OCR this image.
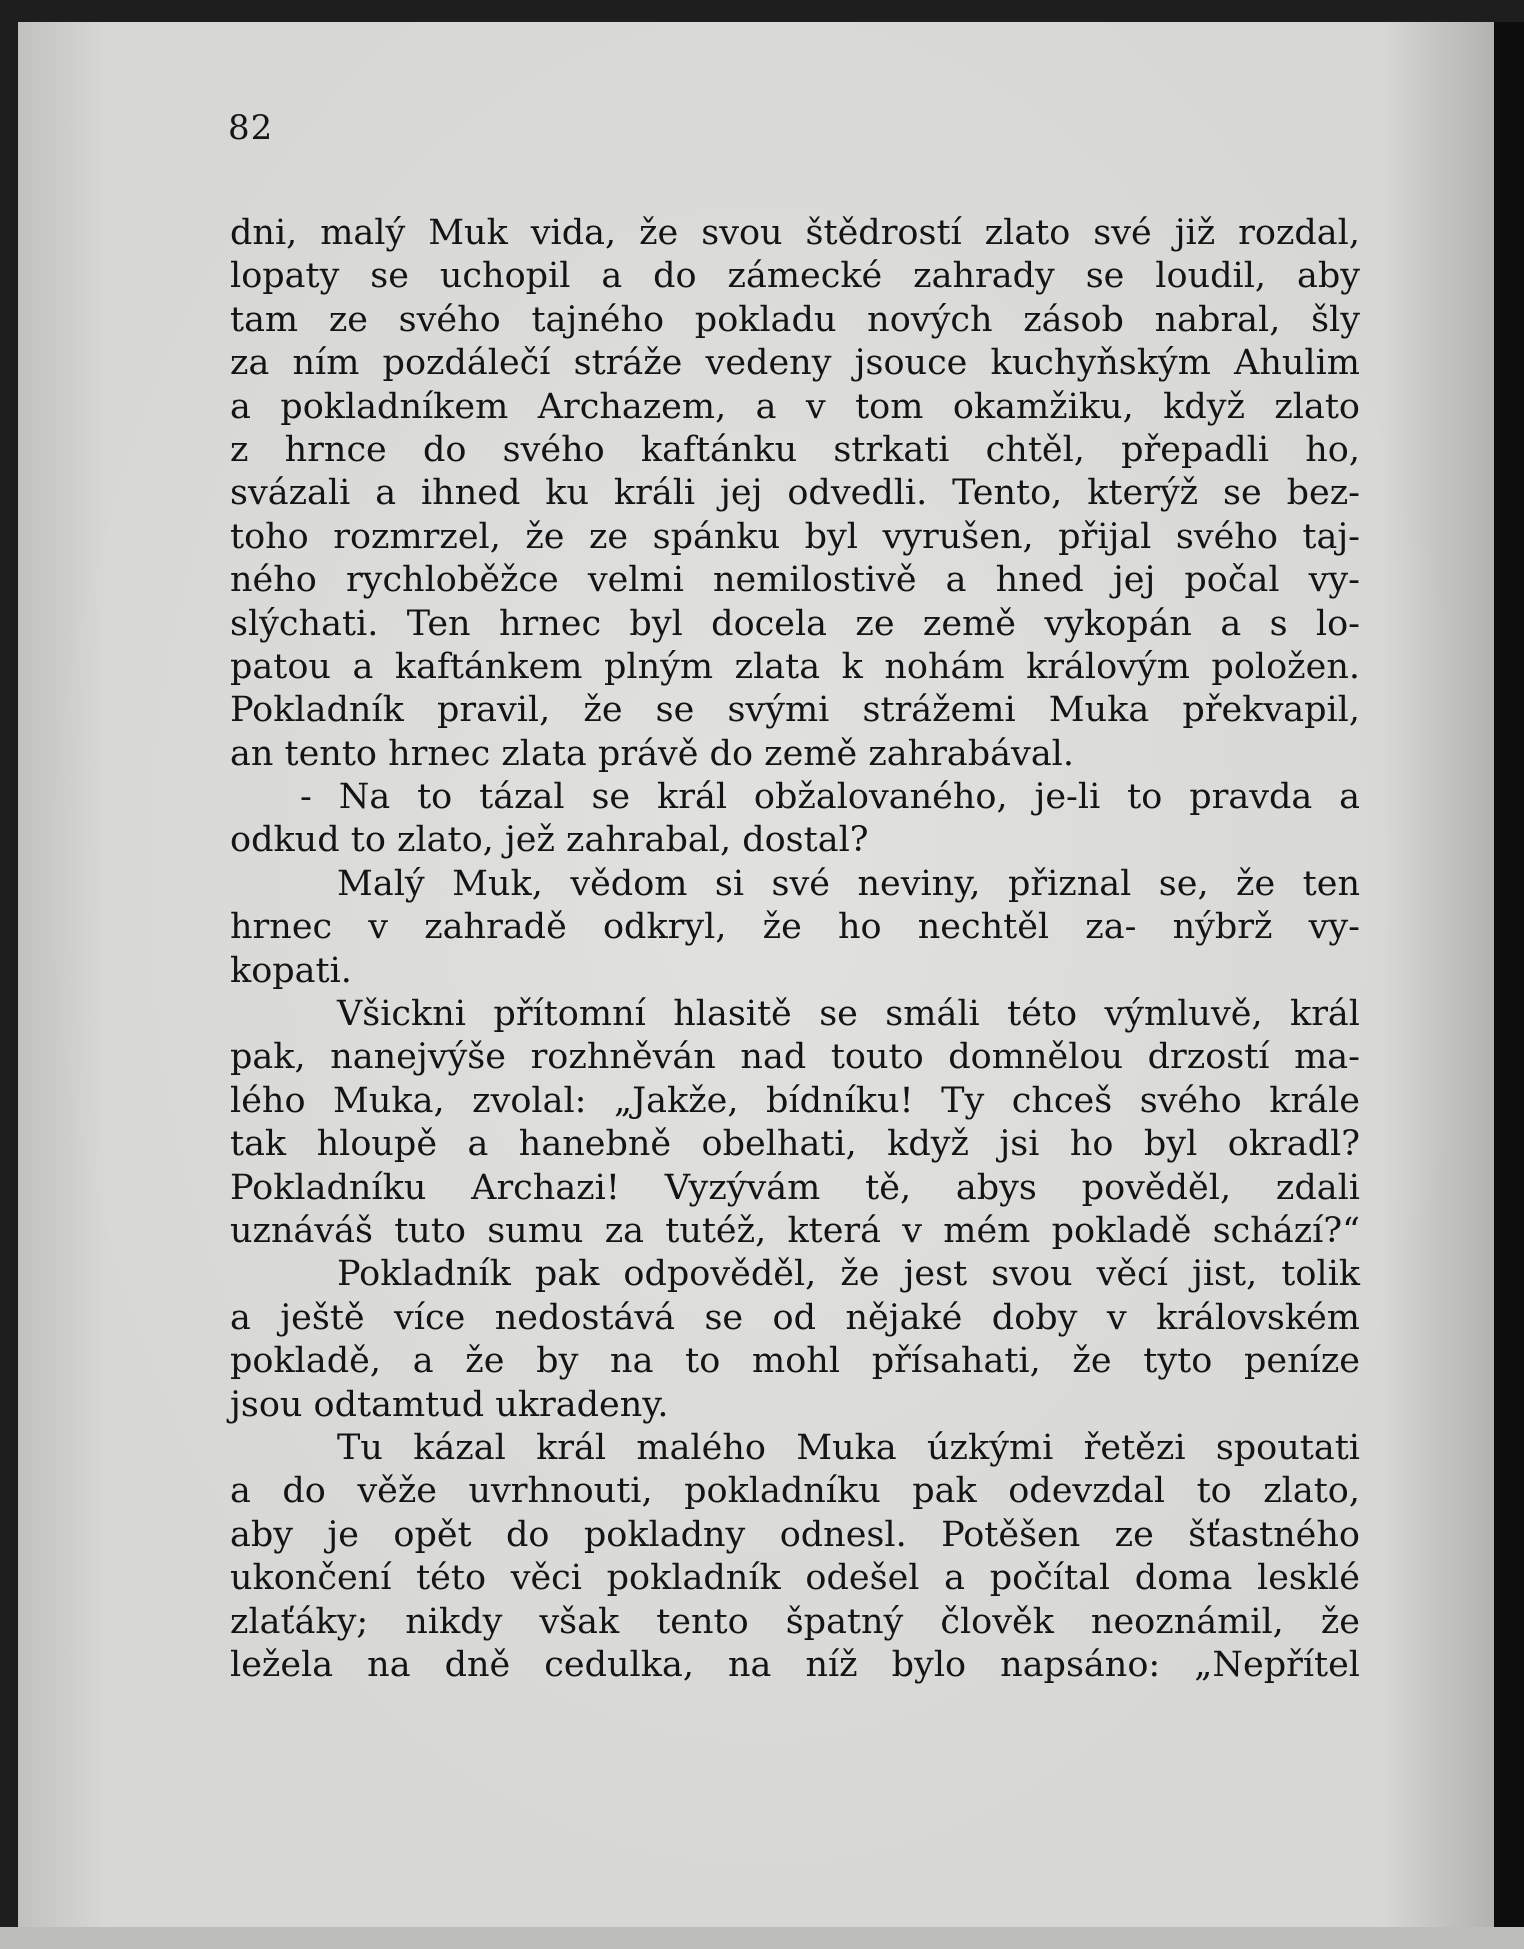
82
dni, malý Muk vida, že svou štědrostí zlato své již rozdal,
lopaty se uchopil a do zámecké zahrady se loudil, aby
tam ze svého tajného pokladu nových zásob nabral, šly
za ním pozdálečí stráže vedeny jsouce kuchyňským Ahulim
a pokladníkem Archazem, a v tom okamžiku, když zlato
z hrnce do svého kaftánku strkati chtěl, přepadli ho,
svázali a ihned ku králi jej odvedli. Tento, kterýž se bez-
toho rozmrzel, že ze spánku byl vyrušen, přijal svého taj-
ného rychloběžce velmi nemilostivě a hned jej počal vy-
slýchati. Ten hrnec byl docela ze země vykopán a s lo-
patou a kaftánkem plným zlata k nohám královým položen.
Pokladník pravil, že se svými strážemi Muka překvapil,
an tento hrnec zlata právě do země zahrabával.
- Na to tázal se král obžalovaného, je-li to pravda a
odkud to zlato, jež zahrabal, dostal?
Malý Muk, vědom si své neviny, přiznal se, že ten
hrnec v zahradě odkryl, že ho nechtěl za- nýbrž vy-
kopati.
Všickni přítomní hlasitě se smáli této výmluvě, král
pak, nanejvýše rozhněván nad touto domnělou drzostí ma-
lého Muka, zvolal: „Jakže, bídníku! Ty chceš svého krále
tak hloupě a hanebně obelhati, když jsi ho byl okradl?
Pokladníku Archazi! Vyzývám tě, abys pověděl, zdali
uznáváš tuto sumu za tutéž, která v mém pokladě schází?“
Pokladník pak odpověděl, že jest svou věcí jist, tolik
a ještě více nedostává se od nějaké doby v královském
pokladě, a že by na to mohl přísahati, že tyto peníze
jsou odtamtud ukradeny.
Tu kázal král malého Muka úzkými řetězi spoutati
a do věže uvrhnouti, pokladníku pak odevzdal to zlato,
aby je opět do pokladny odnesl. Potěšen ze šťastného
ukončení této věci pokladník odešel a počítal doma lesklé
zlaťáky; nikdy však tento špatný člověk neoznámil, že
ležela na dně cedulka, na níž bylo napsáno: „Nepřítel
